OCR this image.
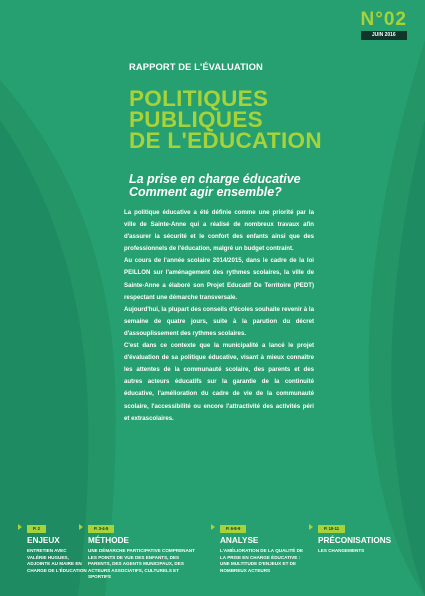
N°02
JUIN 2016
RAPPORT DE L'ÉVALUATION
POLITIQUES
PUBLIQUES
DE L'EDUCATION
La prise en charge éducative
Comment agir ensemble?

La politique éducative a été définie comme une priorité par la ville de Sainte-Anne qui a réalisé de nombreux travaux afin d'assurer la sécurité et le confort des enfants ainsi que des professionnels de l'éducation, malgré un budget contraint.

Au cours de l'année scolaire 2014/2015, dans le cadre de la loi PEILLON sur l'aménagement des rythmes scolaires, la ville de Sainte-Anne a élaboré son Projet Educatif De Territoire (PEDT) respectant une démarche transversale.

Aujourd'hui, la plupart des conseils d'écoles souhaite revenir à la semaine de quatre jours, suite à la parution du décret d'assouplissement des rythmes scolaires.

C'est dans ce contexte que la municipalité a lancé le projet d'évaluation de sa politique éducative, visant à mieux connaître les attentes de la communauté scolaire, des parents et des autres acteurs éducatifs sur la garantie de la continuité éducative, l'amélioration du cadre de vie de la communauté scolaire, l'accessibilité ou encore l'attractivité des activités péri et extrascolaires.

P. 2
ENJEUX
ENTRETIEN AVEC VALÉRIE HUGUES, ADJOINTE AU MAIRE EN CHARGE DE L'ÉDUCATION
P. 3-4-5
MÉTHODE
UNE DÉMARCHE PARTICIPATIVE COMPRENANT LES POINTS DE VUE DES ENFANTS, DES PARENTS, DES AGENTS MUNICIPAUX, DES ACTEURS ASSOCIATIFS, CULTURELS ET SPORTIFS
P. 6-8-9
ANALYSE
L'AMÉLIORATION DE LA QUALITÉ DE LA PRISE EN CHARGE ÉDUCATIVE : UNE MULTITUDE D'ENJEUX ET DE NOMBREUX ACTEURS
P. 10-11
PRÉCONISATIONS
LES CHANGEMENTS
